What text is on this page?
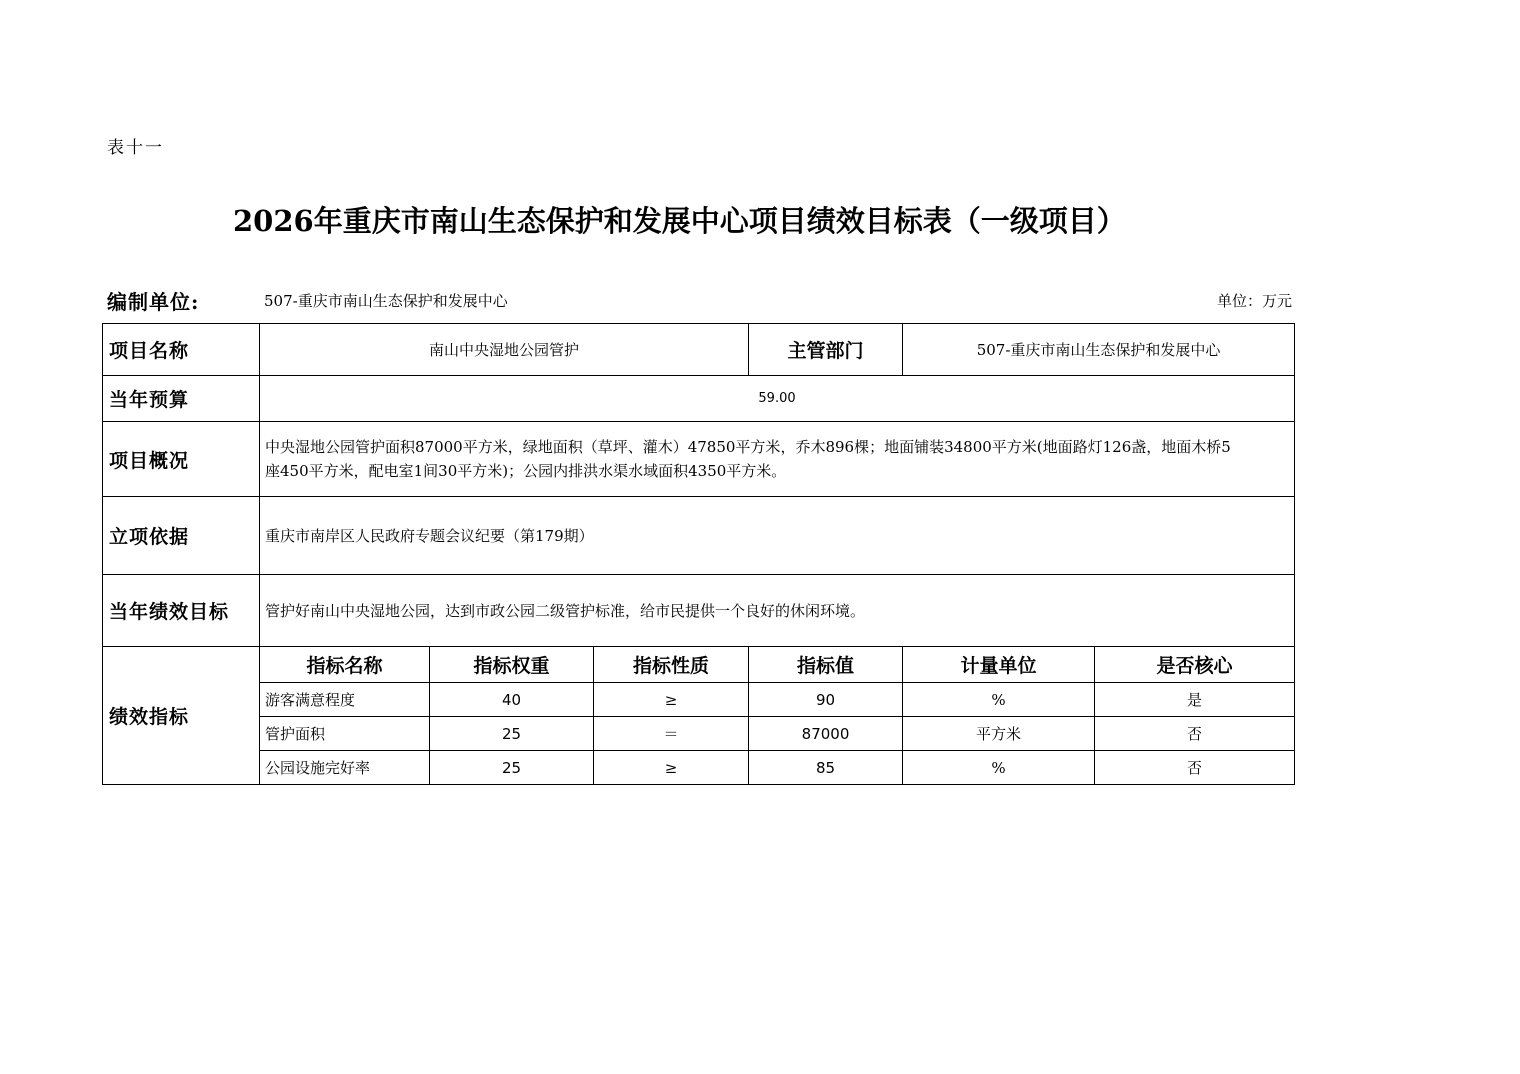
表十一
2026年重庆市南山生态保护和发展中心项目绩效目标表（一级项目）
编制单位:	507-重庆市南山生态保护和发展中心	单位：万元
项目名称	南山中央湿地公园管护			主管部门	507-重庆市南山生态保护和发展中心	
当年预算	59.00					
项目概况	中央湿地公园管护面积87000平方米，绿地面积（草坪、灌木）47850平方米，乔木896棵；地面铺装34800平方米(地面路灯126盏，地面木桥5座450平方米，配电室1间30平方米)；公园内排洪水渠水域面积4350平方米。					
立项依据	重庆市南岸区人民政府专题会议纪要（第179期）					
当年绩效目标	管护好南山中央湿地公园，达到市政公园二级管护标准，给市民提供一个良好的休闲环境。					
绩效指标	指标名称	指标权重	指标性质	指标值	计量单位	是否核心
	游客满意程度	40	≥	90	%	是
	管护面积	25	＝	87000	平方米	否
	公园设施完好率	25	≥	85	%	否
